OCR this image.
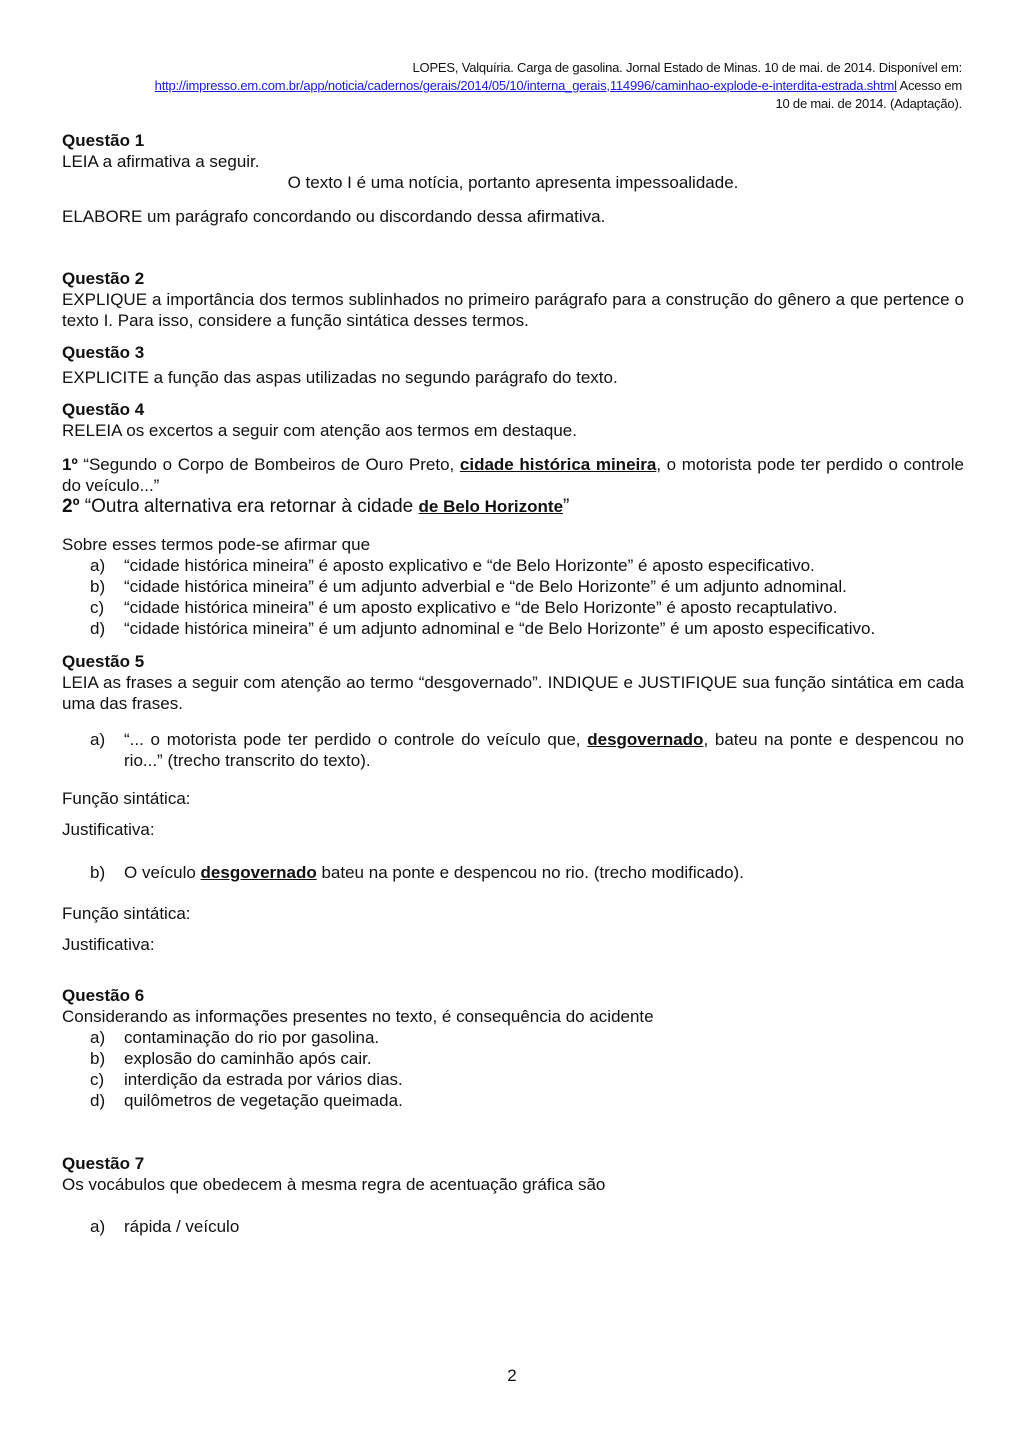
LOPES, Valquíria. Carga de gasolina. Jornal Estado de Minas. 10 de mai. de 2014. Disponível em:
http://impresso.em.com.br/app/noticia/cadernos/gerais/2014/05/10/interna_gerais,114996/caminhao-explode-e-interdita-estrada.shtml Acesso em
10 de mai. de 2014. (Adaptação).
Questão 1

LEIA a afirmativa a seguir.

O texto I é uma notícia, portanto apresenta impessoalidade.

ELABORE um parágrafo concordando ou discordando dessa afirmativa.

Questão 2

EXPLIQUE a importância dos termos sublinhados no primeiro parágrafo para a construção do gênero a que pertence o texto I. Para isso, considere a função sintática desses termos.

Questão 3

EXPLICITE a função das aspas utilizadas no segundo parágrafo do texto.

Questão 4

RELEIA os excertos a seguir com atenção aos termos em destaque.

1º “Segundo o Corpo de Bombeiros de Ouro Preto, cidade histórica mineira, o motorista pode ter perdido o controle do veículo...”

2º “Outra alternativa era retornar à cidade de Belo Horizonte”

Sobre esses termos pode-se afirmar que

a) “cidade histórica mineira” é aposto explicativo e “de Belo Horizonte” é aposto especificativo.
b) “cidade histórica mineira” é um adjunto adverbial e “de Belo Horizonte” é um adjunto adnominal.
c) “cidade histórica mineira” é um aposto explicativo e “de Belo Horizonte” é aposto recaptulativo.
d) “cidade histórica mineira” é um adjunto adnominal e “de Belo Horizonte” é um aposto especificativo.
Questão 5

LEIA as frases a seguir com atenção ao termo “desgovernado”. INDIQUE e JUSTIFIQUE sua função sintática em cada uma das frases.

a) “... o motorista pode ter perdido o controle do veículo que, desgovernado, bateu na ponte e despencou no rio...” (trecho transcrito do texto).

Função sintática:

Justificativa:

b) O veículo desgovernado bateu na ponte e despencou no rio. (trecho modificado).

Função sintática:

Justificativa:

Questão 6

Considerando as informações presentes no texto, é consequência do acidente

a) contaminação do rio por gasolina.
b) explosão do caminhão após cair.
c) interdição da estrada por vários dias.
d) quilômetros de vegetação queimada.
Questão 7

Os vocábulos que obedecem à mesma regra de acentuação gráfica são

a) rápida / veículo
2
